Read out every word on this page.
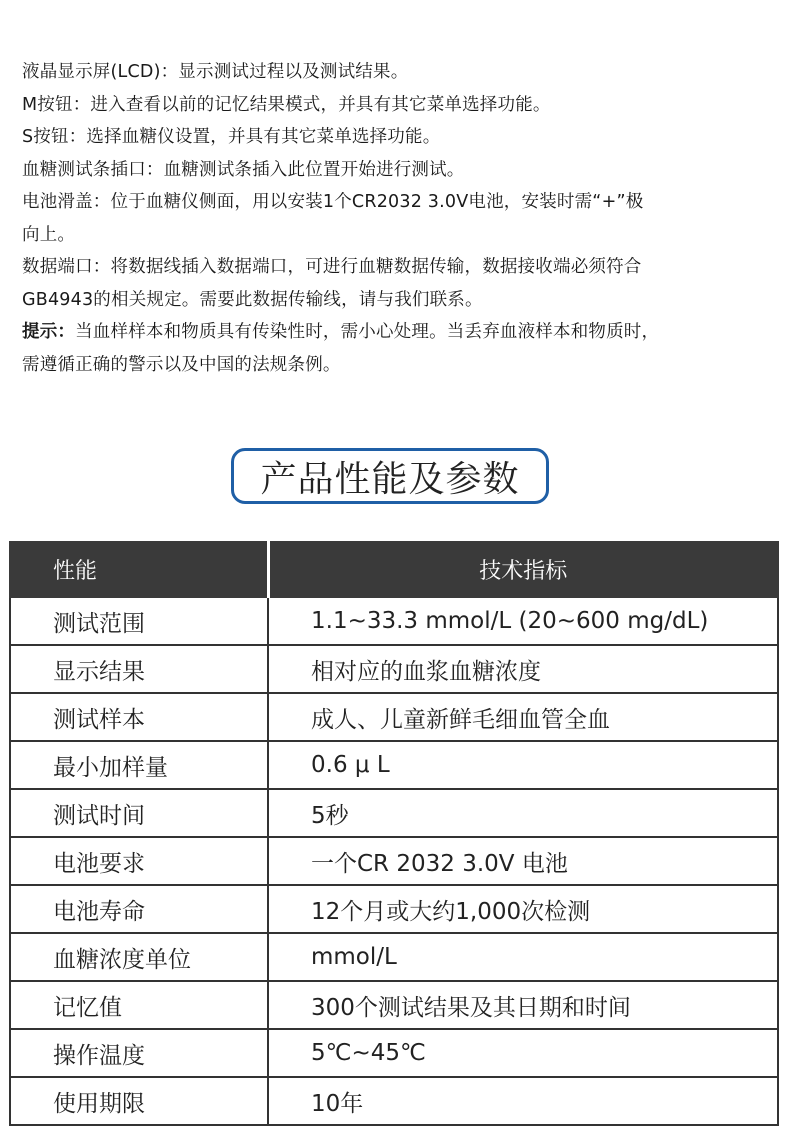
液晶显示屏(LCD)：显示测试过程以及测试结果。

M按钮：进入查看以前的记忆结果模式，并具有其它菜单选择功能。

S按钮：选择血糖仪设置，并具有其它菜单选择功能。

血糖测试条插口：血糖测试条插入此位置开始进行测试。

电池滑盖：位于血糖仪侧面，用以安装1个CR2032 3.0V电池，安装时需“+”极

向上。

数据端口：将数据线插入数据端口，可进行血糖数据传输，数据接收端必须符合

GB4943的相关规定。需要此数据传输线，请与我们联系。

提示：当血样样本和物质具有传染性时，需小心处理。当丢弃血液样本和物质时，

需遵循正确的警示以及中国的法规条例。

产品性能及参数
性能	技术指标
测试范围	1.1~33.3 mmol/L (20~600 mg/dL)
显示结果	相对应的血浆血糖浓度
测试样本	成人、儿童新鲜毛细血管全血
最小加样量	0.6 μ L
测试时间	5秒
电池要求	一个CR 2032 3.0V 电池
电池寿命	12个月或大约1,000次检测
血糖浓度单位	mmol/L
记忆值	300个测试结果及其日期和时间
操作温度	5℃~45℃
使用期限	10年
